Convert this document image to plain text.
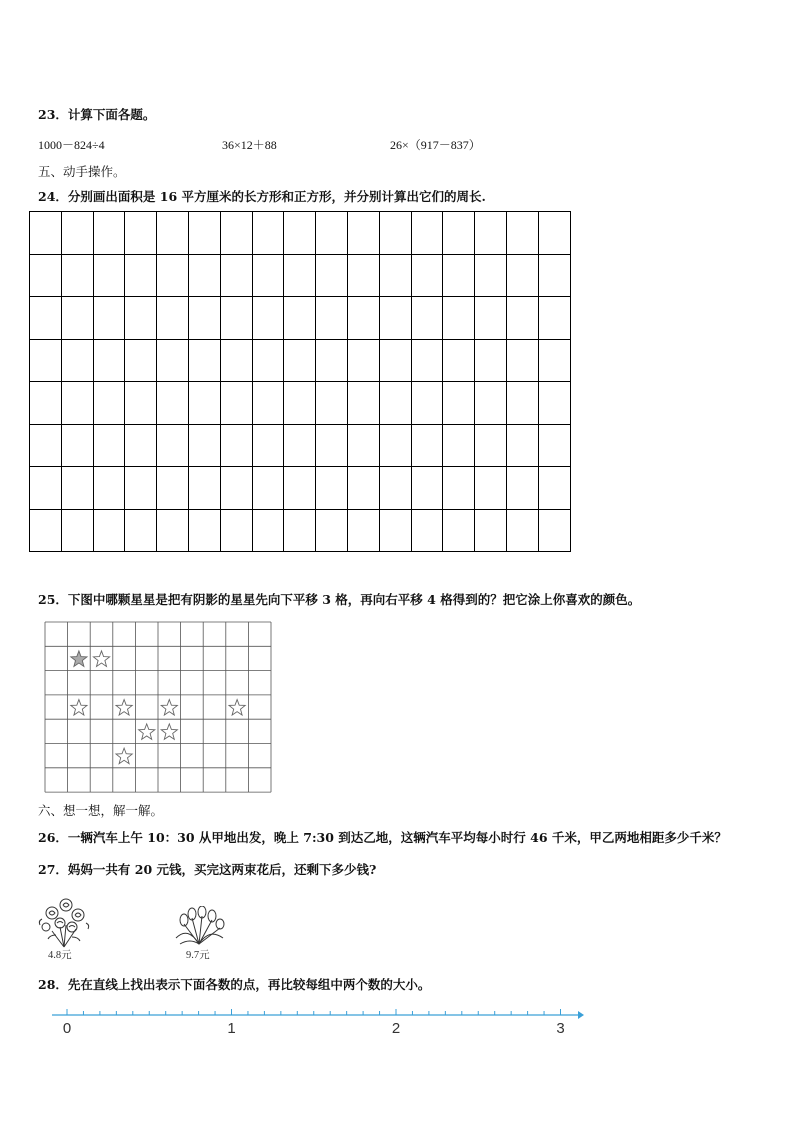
23．计算下面各题。
1000－824÷4	36×12＋88	26×（917－837）
五、动手操作。
24．分别画出面积是 16 平方厘米的长方形和正方形，并分别计算出它们的周长.

25．下图中哪颗星星是把有阴影的星星先向下平移 3 格，再向右平移 4 格得到的？把它涂上你喜欢的颜色。
六、想一想，解一解。
26．一辆汽车上午 10：30 从甲地出发，晚上 7:30 到达乙地，这辆汽车平均每小时行 46 千米，甲乙两地相距多少千米？
27．妈妈一共有 20 元钱，买完这两束花后，还剩下多少钱?
4.8元	9.7元
28．先在直线上找出表示下面各数的点，再比较每组中两个数的大小。
0	1	2	3
